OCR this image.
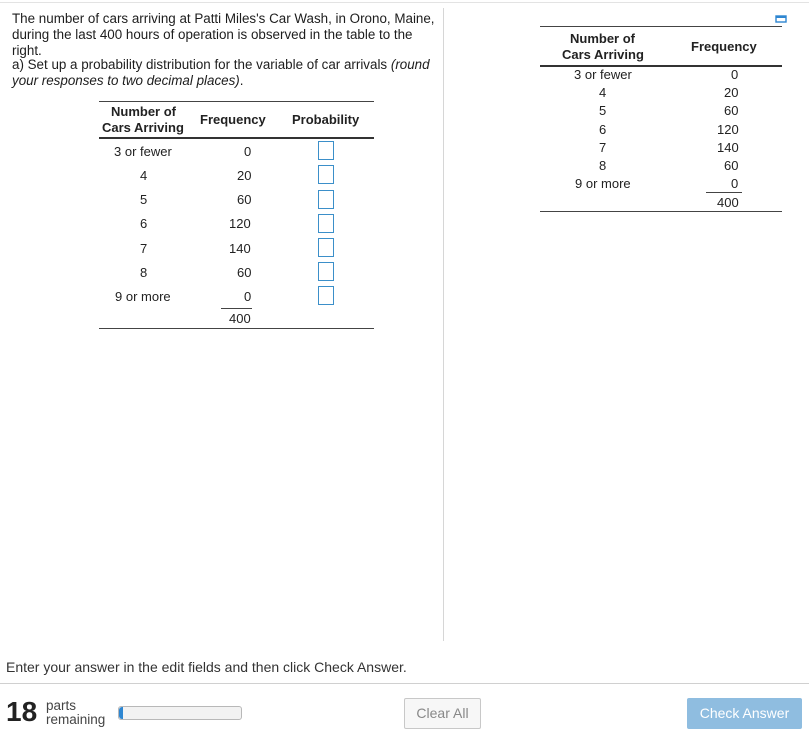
The number of cars arriving at Patti Miles's Car Wash, in Orono, Maine,
during the last 400 hours of operation is observed in the table to the right.
a) Set up a probability distribution for the variable of car arrivals (round
your responses to two decimal places).
Number of
Cars Arriving
Frequency Probability
3 or fewer	0
4	20
5	60
6	120
7	140
8	60
9 or more	0
400
Number of
Cars Arriving
Frequency
3 or fewer	0
4	20
5	60
6	120
7	140
8	60
9 or more	0
400
Enter your answer in the edit fields and then click Check Answer.
18 parts
remaining	Clear All	Check Answer
